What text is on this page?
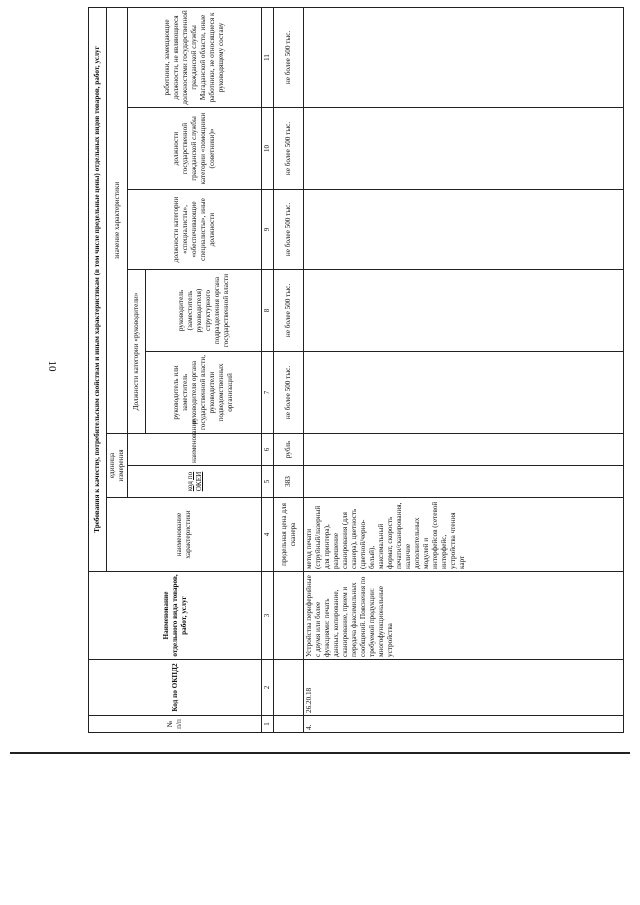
10
№ п/п	Код по ОКПД2	Наименование отдельного вида товаров, работ, услуг	Требования к качеству, потребительским свойствам и иным характеристикам (в том числе предельные цены) отдельных видов товаров, работ, услуг							
			наименование характеристики	единица измерения		значение характеристики				
				код по ОКЕИ	наименование	Должности категории «руководители»		должности категории «специалисты», «обеспечивающие специалисты», иные должности	должности государственной гражданской службы категории «помощники (советники)»	работники, замещающие должности, не являющиеся должностями государственной гражданской службы Магаданской области, иные работники, не относящиеся к руководящему составу
						руководитель или заместитель руководителя органа государственной власти, руководители подведомственных организаций	руководитель (заместитель руководителя) структурного подразделения органа государственной власти			
1	2	3	4	5	6	7	8	9	10	11
			предельная цена для сканера	383	рубль	не более 500 тыс.	не более 500 тыс.	не более 500 тыс.	не более 500 тыс.	не более 500 тыс.
4.	26.20.18	Устройства периферийные с двумя или более функциями: печать данных, копирование, сканирование, прием и передача факсимильных сообщений. Пояснения по требуемой продукции: многофункциональные устройства	метод печати (струйный/лазерный для принтера), разрешение сканирования (для сканера), цветность (цветной/черно-белый), максимальный формат, скорость печати/сканирования, наличие дополнительных модулей и интерфейсов (сетевой интерфейс, устройства чтения карт							
